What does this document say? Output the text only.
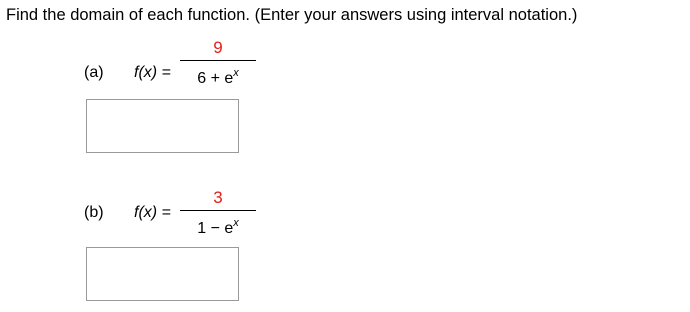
Find the domain of each function. (Enter your answers using interval notation.)
(a) f(x) =
9
$6 + e^x$
(b) f(x) =
3
$1 - e^x$
